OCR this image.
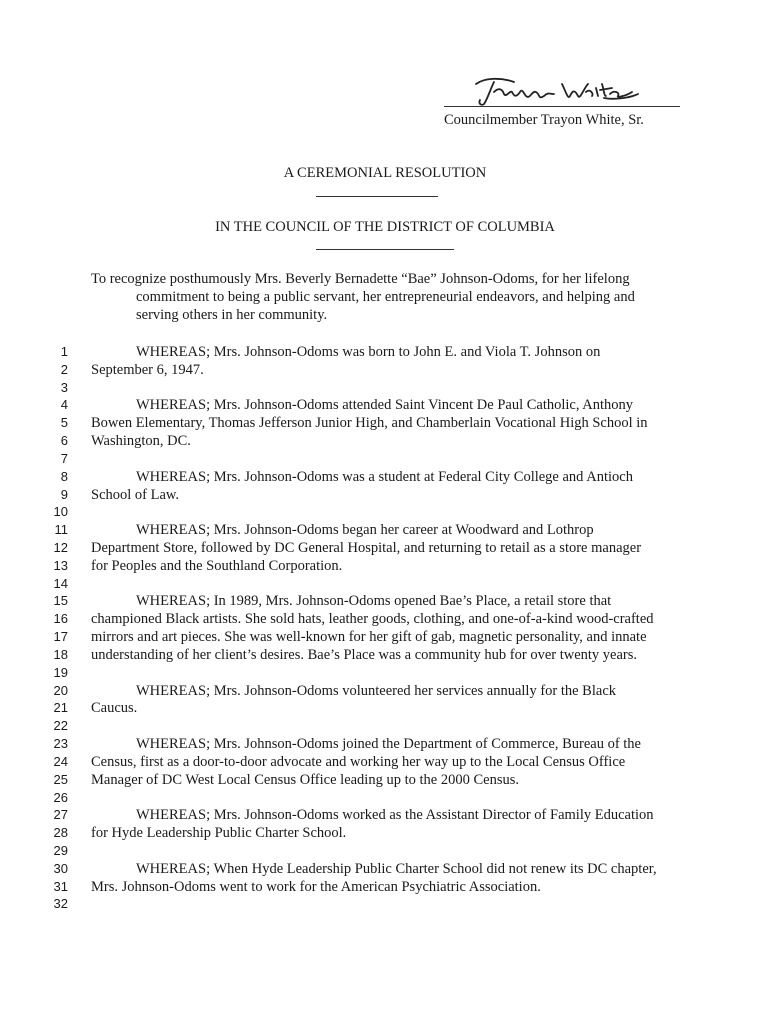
Councilmember Trayon White, Sr.
A CEREMONIAL RESOLUTION
IN THE COUNCIL OF THE DISTRICT OF COLUMBIA
To recognize posthumously Mrs. Beverly Bernadette “Bae” Johnson-Odoms, for her lifelong
commitment to being a public servant, her entrepreneurial endeavors, and helping and
serving others in her community.
1	WHEREAS; Mrs. Johnson-Odoms was born to John E. and Viola T. Johnson on
2 September 6, 1947.
3
4	WHEREAS; Mrs. Johnson-Odoms attended Saint Vincent De Paul Catholic, Anthony
5 Bowen Elementary, Thomas Jefferson Junior High, and Chamberlain Vocational High School in
6 Washington, DC.
7
8	WHEREAS; Mrs. Johnson-Odoms was a student at Federal City College and Antioch
9 School of Law.
10
11	WHEREAS; Mrs. Johnson-Odoms began her career at Woodward and Lothrop
12 Department Store, followed by DC General Hospital, and returning to retail as a store manager
13 for Peoples and the Southland Corporation.
14
15	WHEREAS; In 1989, Mrs. Johnson-Odoms opened Bae’s Place, a retail store that
16 championed Black artists. She sold hats, leather goods, clothing, and one-of-a-kind wood-crafted
17 mirrors and art pieces. She was well-known for her gift of gab, magnetic personality, and innate
18 understanding of her client’s desires. Bae’s Place was a community hub for over twenty years.
19
20	WHEREAS; Mrs. Johnson-Odoms volunteered her services annually for the Black
21 Caucus.
22
23	WHEREAS; Mrs. Johnson-Odoms joined the Department of Commerce, Bureau of the
24 Census, first as a door-to-door advocate and working her way up to the Local Census Office
25 Manager of DC West Local Census Office leading up to the 2000 Census.
26
27	WHEREAS; Mrs. Johnson-Odoms worked as the Assistant Director of Family Education
28 for Hyde Leadership Public Charter School.
29
30	WHEREAS; When Hyde Leadership Public Charter School did not renew its DC chapter,
31 Mrs. Johnson-Odoms went to work for the American Psychiatric Association.
32
